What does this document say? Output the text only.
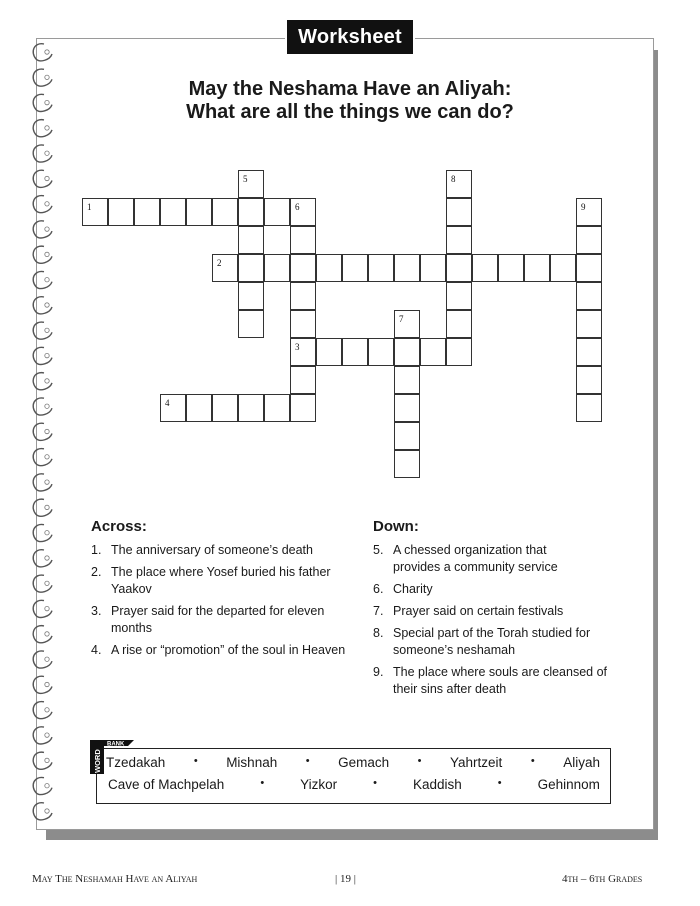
Worksheet
May the Neshama Have an Aliyah:
What are all the things we can do?
1	6
2
3
4
5
7
8
9
Across:
1. The anniversary of someone’s death
2. The place where Yosef buried his father Yaakov
3. Prayer said for the departed for eleven months
4. A rise or “promotion” of the soul in Heaven
Down:
5. A chessed organization that provides a community service
6. Charity
7. Prayer said on certain festivals
8. Special part of the Torah studied for someone’s neshamah
9. The place where souls are cleansed of their sins after death
BANK
WORD Tzedakah	• Mishnah	• Gemach	• Yahrtzeit	• Aliyah
Cave of Machpelah	•	Yizkor	•	Kaddish	•	Gehinnom
May The Neshamah Have an Aliyah	| 19 |	4th – 6th Grades
